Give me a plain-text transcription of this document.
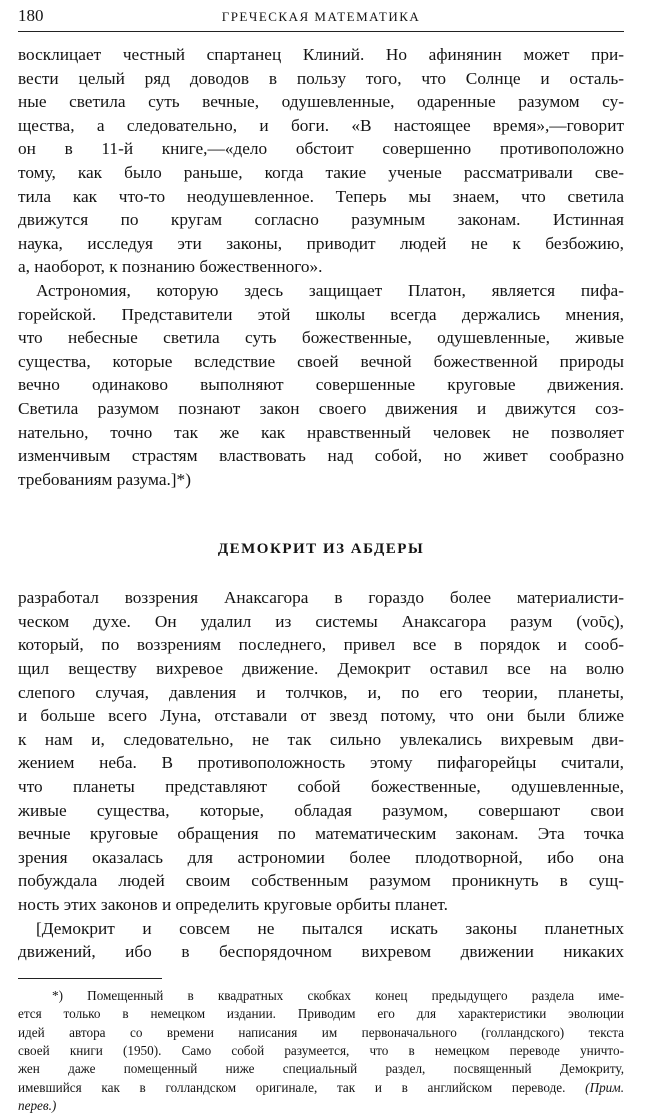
180	ГРЕЧЕСКАЯ МАТЕМАТИКА

восклицает честный спартанец Клиний. Но афинянин может при-
вести целый ряд доводов в пользу того, что Солнце и осталь-
ные светила суть вечные, одушевленные, одаренные разумом су-
щества, а следовательно, и боги. «В настоящее время»,—говорит
он в 11-й книге,—«дело обстоит совершенно противоположно
тому, как было раньше, когда такие ученые рассматривали све-
тила как что-то неодушевленное. Теперь мы знаем, что светила
движутся по кругам согласно разумным законам. Истинная
наука, исследуя эти законы, приводит людей не к безбожию,
а, наоборот, к познанию божественного».

Астрономия, которую здесь защищает Платон, является пифа-
горейской. Представители этой школы всегда держались мнения,
что небесные светила суть божественные, одушевленные, живые
существа, которые вследствие своей вечной божественной природы
вечно одинаково выполняют совершенные круговые движения.
Светила разумом познают закон своего движения и движутся соз-
нательно, точно так же как нравственный человек не позволяет
изменчивым страстям властвовать над собой, но живет сообразно
требованиям разума.]*)

ДЕМОКРИТ ИЗ АБДЕРЫ

разработал воззрения Анаксагора в гораздо более материалисти-
ческом духе. Он удалил из системы Анаксагора разум (νοῦς),
который, по воззрениям последнего, привел все в порядок и сооб-
щил веществу вихревое движение. Демокрит оставил все на волю
слепого случая, давления и толчков, и, по его теории, планеты,
и больше всего Луна, отставали от звезд потому, что они были ближе
к нам и, следовательно, не так сильно увлекались вихревым дви-
жением неба. В противоположность этому пифагорейцы считали,
что планеты представляют собой божественные, одушевленные,
живые существа, которые, обладая разумом, совершают свои
вечные круговые обращения по математическим законам. Эта точка
зрения оказалась для астрономии более плодотворной, ибо она
побуждала людей своим собственным разумом проникнуть в сущ-
ность этих законов и определить круговые орбиты планет.

[Демокрит и совсем не пытался искать законы планетных
движений, ибо в беспорядочном вихревом движении никаких

*) Помещенный в квадратных скобках конец предыдущего раздела име-
ется только в немецком издании. Приводим его для характеристики эволюции
идей автора со времени написания им первоначального (голландского) текста
своей книги (1950). Само собой разумеется, что в немецком переводе уничто-
жен даже помещенный ниже специальный раздел, посвященный Демокриту,
имевшийся как в голландском оригинале, так и в английском переводе. (Прим.
перев.)
